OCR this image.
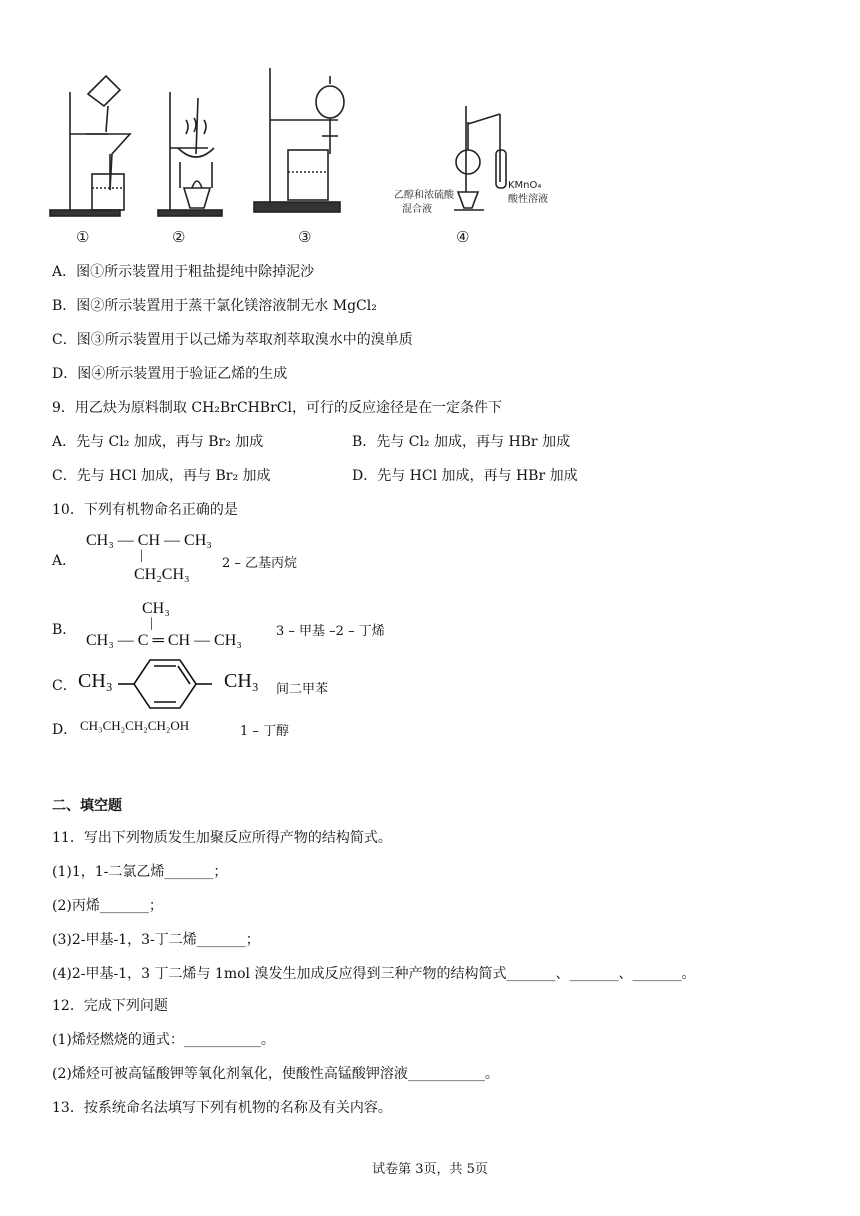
乙醇和浓硫酸
混合液
KMnO₄
酸性溶液
①	②	③	④
A．图①所示装置用于粗盐提纯中除掉泥沙
B．图②所示装置用于蒸干氯化镁溶液制无水 MgCl₂
C．图③所示装置用于以己烯为萃取剂萃取溴水中的溴单质
D．图④所示装置用于验证乙烯的生成
9．用乙炔为原料制取 CH₂BrCHBrCl，可行的反应途径是在一定条件下
A．先与 Cl₂ 加成，再与 Br₂ 加成	B．先与 Cl₂ 加成，再与 HBr 加成
C．先与 HCl 加成，再与 Br₂ 加成	D．先与 HCl 加成，再与 HBr 加成
10．下列有机物命名正确的是
A．
CH₃ — CH — CH₃
|
CH₂CH₃
2 – 乙基丙烷
B．
CH₃
|
CH₃ — C ═ CH — CH₃
3 – 甲基 –2 – 丁烯
C． CH₃	CH₃ 间二甲苯
D． CH₃CH₂CH₂CH₂OH	1 – 丁醇
二、填空题
11．写出下列物质发生加聚反应所得产物的结构简式。
(1)1，1-二氯乙烯_______；
(2)丙烯_______；
(3)2-甲基-1，3-丁二烯_______；
(4)2-甲基-1，3 丁二烯与 1mol 溴发生加成反应得到三种产物的结构简式_______、_______、_______。
12．完成下列问题
(1)烯烃燃烧的通式：___________。
(2)烯烃可被高锰酸钾等氧化剂氧化，使酸性高锰酸钾溶液___________。
13．按系统命名法填写下列有机物的名称及有关内容。
试卷第 3页，共 5页
